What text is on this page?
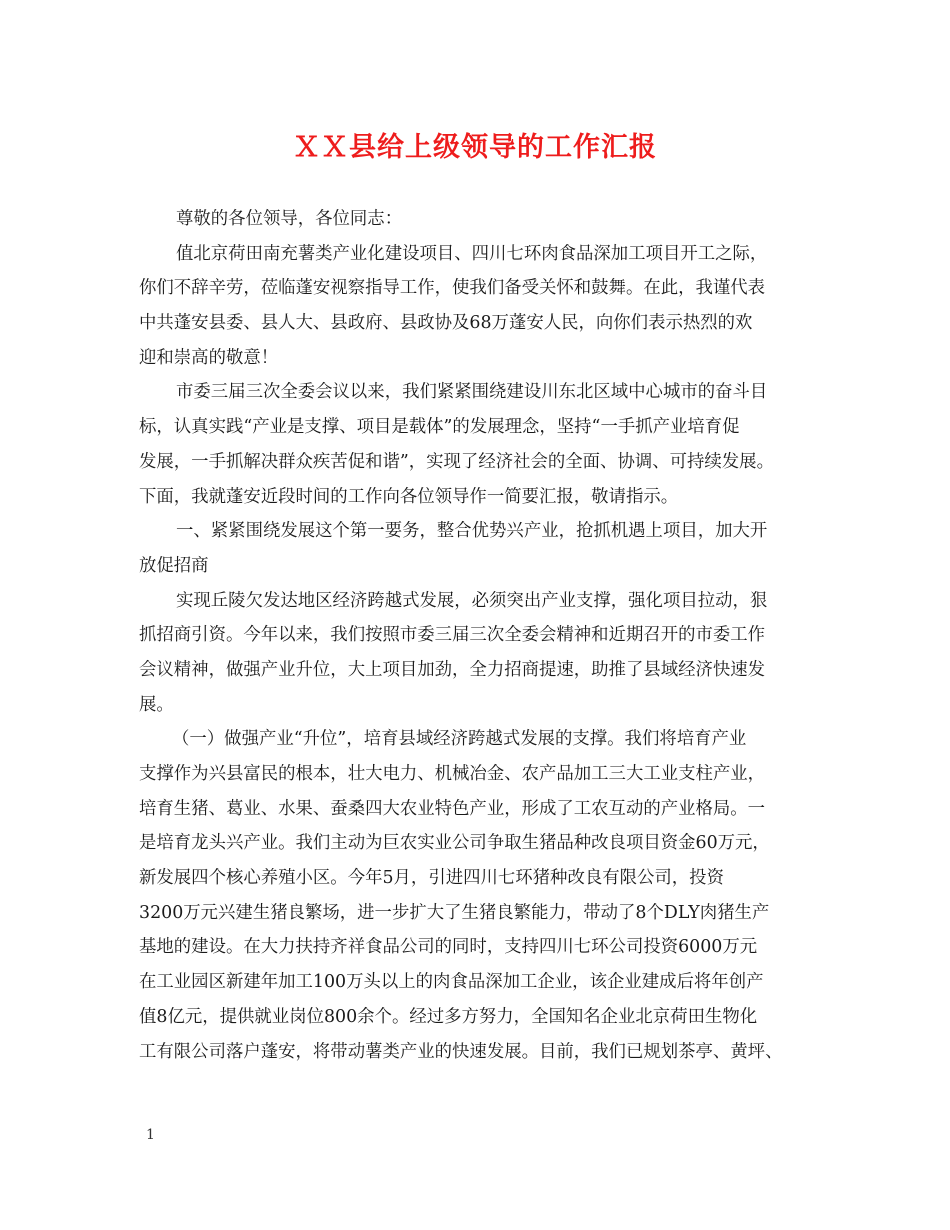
ＸＸ县给上级领导的工作汇报
尊敬的各位领导，各位同志：
值北京荷田南充薯类产业化建设项目、四川七环肉食品深加工项目开工之际，
你们不辞辛劳，莅临蓬安视察指导工作，使我们备受关怀和鼓舞。在此，我谨代表
中共蓬安县委、县人大、县政府、县政协及68万蓬安人民，向你们表示热烈的欢
迎和崇高的敬意！
市委三届三次全委会议以来，我们紧紧围绕建设川东北区域中心城市的奋斗目
标，认真实践“产业是支撑、项目是载体”的发展理念，坚持“一手抓产业培育促
发展，一手抓解决群众疾苦促和谐”，实现了经济社会的全面、协调、可持续发展。
下面，我就蓬安近段时间的工作向各位领导作一简要汇报，敬请指示。
一、紧紧围绕发展这个第一要务，整合优势兴产业，抢抓机遇上项目，加大开
放促招商
实现丘陵欠发达地区经济跨越式发展，必须突出产业支撑，强化项目拉动，狠
抓招商引资。今年以来，我们按照市委三届三次全委会精神和近期召开的市委工作
会议精神，做强产业升位，大上项目加劲，全力招商提速，助推了县域经济快速发
展。
（一）做强产业“升位”，培育县域经济跨越式发展的支撑。我们将培育产业
支撑作为兴县富民的根本，壮大电力、机械冶金、农产品加工三大工业支柱产业，
培育生猪、葛业、水果、蚕桑四大农业特色产业，形成了工农互动的产业格局。一
是培育龙头兴产业。我们主动为巨农实业公司争取生猪品种改良项目资金60万元，
新发展四个核心养殖小区。今年5月，引进四川七环猪种改良有限公司，投资
3200万元兴建生猪良繁场，进一步扩大了生猪良繁能力，带动了8个DLY肉猪生产
基地的建设。在大力扶持齐祥食品公司的同时，支持四川七环公司投资6000万元
在工业园区新建年加工100万头以上的肉食品深加工企业，该企业建成后将年创产
值8亿元，提供就业岗位800余个。经过多方努力，全国知名企业北京荷田生物化
工有限公司落户蓬安，将带动薯类产业的快速发展。目前，我们已规划茶亭、黄坪、
1
